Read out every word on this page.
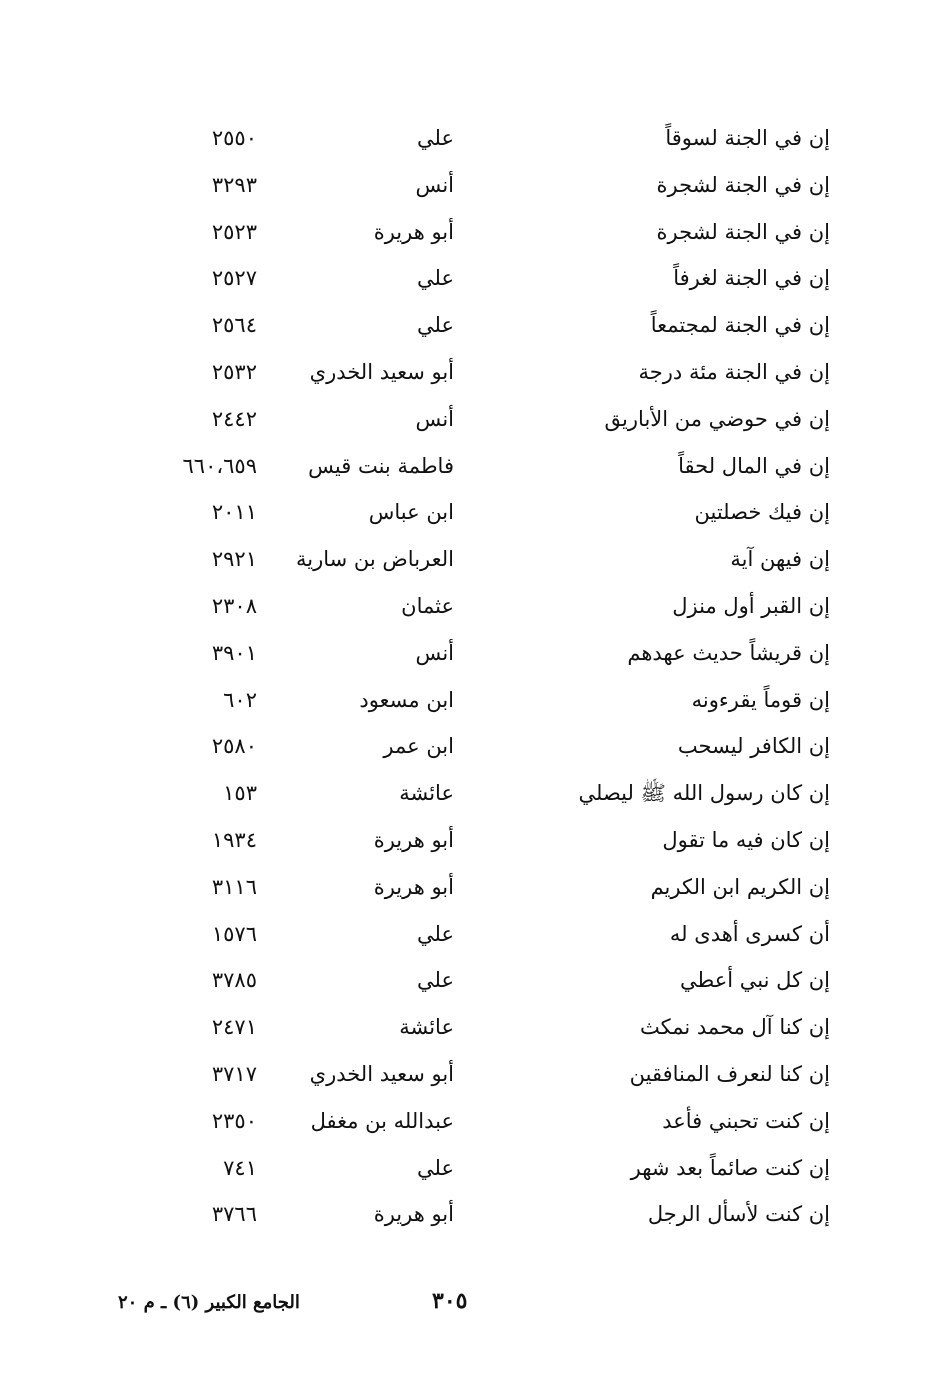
إن في الجنة لسوقاً
علي
٢٥٥٠
إن في الجنة لشجرة
أنس
٣٢٩٣
إن في الجنة لشجرة
أبو هريرة
٢٥٢٣
إن في الجنة لغرفاً
علي
٢٥٢٧
إن في الجنة لمجتمعاً
علي
٢٥٦٤
إن في الجنة مئة درجة
أبو سعيد الخدري
٢٥٣٢
إن في حوضي من الأباريق
أنس
٢٤٤٢
إن في المال لحقاً
فاطمة بنت قيس
٦٦٠،٦٥٩
إن فيك خصلتين
ابن عباس
٢٠١١
إن فيهن آية
العرباض بن سارية
٢٩٢١
إن القبر أول منزل
عثمان
٢٣٠٨
إن قريشاً حديث عهدهم
أنس
٣٩٠١
إن قوماً يقرءونه
ابن مسعود
٦٠٢
إن الكافر ليسحب
ابن عمر
٢٥٨٠
إن كان رسول الله ﷺ ليصلي
عائشة
١٥٣
إن كان فيه ما تقول
أبو هريرة
١٩٣٤
إن الكريم ابن الكريم
أبو هريرة
٣١١٦
أن كسرى أهدى له
علي
١٥٧٦
إن كل نبي أعطي
علي
٣٧٨٥
إن كنا آل محمد نمكث
عائشة
٢٤٧١
إن كنا لنعرف المنافقين
أبو سعيد الخدري
٣٧١٧
إن كنت تحبني فأعد
عبدالله بن مغفل
٢٣٥٠
إن كنت صائماً بعد شهر
علي
٧٤١
إن كنت لأسأل الرجل
أبو هريرة
٣٧٦٦
٣٠٥
الجامع الكبير (٦) ـ م ٢٠
